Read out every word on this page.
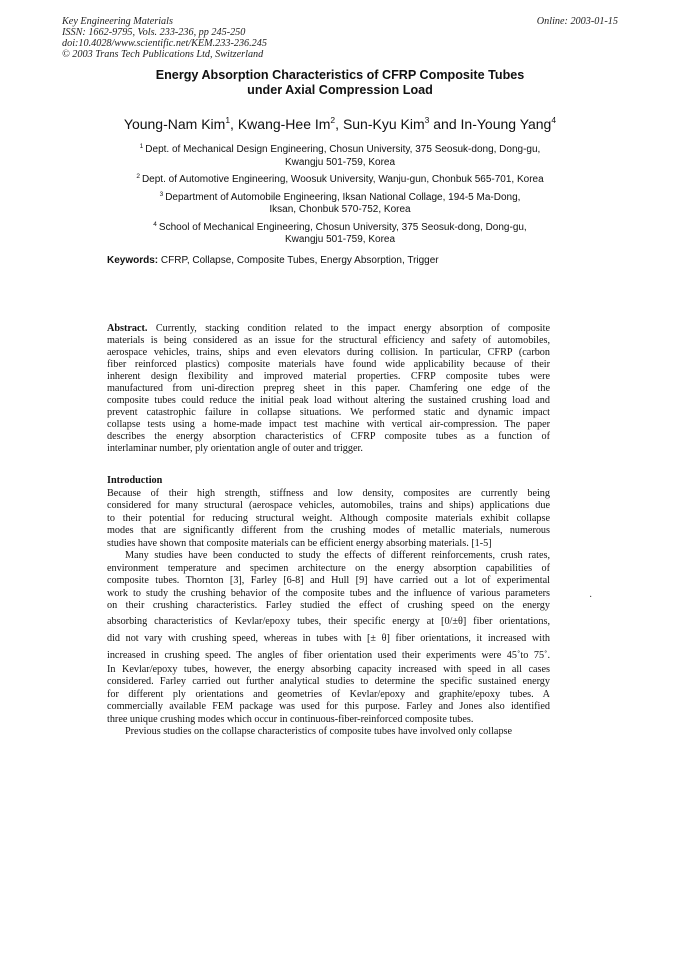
Key Engineering Materials
ISSN: 1662-9795, Vols. 233-236, pp 245-250
doi:10.4028/www.scientific.net/KEM.233-236.245
© 2003 Trans Tech Publications Ltd, Switzerland
Online: 2003-01-15
Energy Absorption Characteristics of CFRP Composite Tubes
under Axial Compression Load
Young-Nam Kim$^1$, Kwang-Hee Im$^2$, Sun-Kyu Kim$^3$ and In-Young Yang$^4$
$^1$ Dept. of Mechanical Design Engineering, Chosun University, 375 Seosuk-dong, Dong-gu,
Kwangju 501-759, Korea
$^2$ Dept. of Automotive Engineering, Woosuk University, Wanju-gun, Chonbuk 565-701, Korea
$^3$ Department of Automobile Engineering, Iksan National Collage, 194-5 Ma-Dong,
Iksan, Chonbuk 570-752, Korea
$^4$ School of Mechanical Engineering, Chosun University, 375 Seosuk-dong, Dong-gu,
Kwangju 501-759, Korea
Keywords: CFRP, Collapse, Composite Tubes, Energy Absorption, Trigger
Abstract. Currently, stacking condition related to the impact energy absorption of composite
materials is being considered as an issue for the structural efficiency and safety of automobiles,
aerospace vehicles, trains, ships and even elevators during collision. In particular, CFRP (carbon
fiber reinforced plastics) composite materials have found wide applicability because of their
inherent design flexibility and improved material properties. CFRP composite tubes were
manufactured from uni-direction prepreg sheet in this paper. Chamfering one edge of the
composite tubes could reduce the initial peak load without altering the sustained crushing load and
prevent catastrophic failure in collapse situations. We performed static and dynamic impact
collapse tests using a home-made impact test machine with vertical air-compression. The paper
describes the energy absorption characteristics of CFRP composite tubes as a function of
interlaminar number, ply orientation angle of outer and trigger.
Introduction
Because of their high strength, stiffness and low density, composites are currently being
considered for many structural (aerospace vehicles, automobiles, trains and ships) applications due
to their potential for reducing structural weight. Although composite materials exhibit collapse
modes that are significantly different from the crushing modes of metallic materials, numerous
studies have shown that composite materials can be efficient energy absorbing materials. [1-5]
Many studies have been conducted to study the effects of different reinforcements, crush rates,
environment temperature and specimen architecture on the energy absorption capabilities of
composite tubes. Thornton [3], Farley [6-8] and Hull [9] have carried out a lot of experimental
work to study the crushing behavior of the composite tubes and the influence of various parameters
on their crushing characteristics. Farley studied the effect of crushing speed on the energy
absorbing characteristics of Kevlar/epoxy tubes, their specific energy at [0/±θ] fiber orientations,
did not vary with crushing speed, whereas in tubes with [± θ] fiber orientations, it increased with
increased in crushing speed. The angles of fiber orientation used their experiments were 45˚to 75˚.
In Kevlar/epoxy tubes, however, the energy absorbing capacity increased with speed in all cases
considered. Farley carried out further analytical studies to determine the specific sustained energy
for different ply orientations and geometries of Kevlar/epoxy and graphite/epoxy tubes. A
commercially available FEM package was used for this purpose. Farley and Jones also identified
three unique crushing modes which occur in continuous-fiber-reinforced composite tubes.
Previous studies on the collapse characteristics of composite tubes have involved only collapse
·
